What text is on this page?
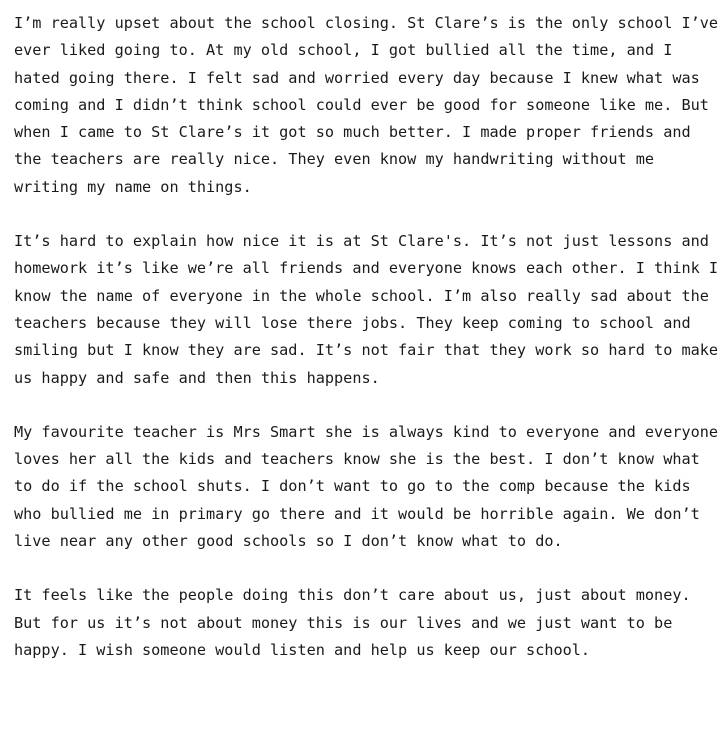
I’m really upset about the school closing. St Clare’s is the only school I’ve ever liked going to. At my old school, I got bullied all the time, and I hated going there. I felt sad and worried every day because I knew what was coming and I didn’t think school could ever be good for someone like me. But when I came to St Clare’s it got so much better. I made proper friends and the teachers are really nice. They even know my handwriting without me writing my name on things.

It’s hard to explain how nice it is at St Clare's. It’s not just lessons and homework it’s like we’re all friends and everyone knows each other. I think I know the name of everyone in the whole school. I’m also really sad about the teachers because they will lose there jobs. They keep coming to school and smiling but I know they are sad. It’s not fair that they work so hard to make us happy and safe and then this happens.

My favourite teacher is Mrs Smart she is always kind to everyone and everyone loves her all the kids and teachers know she is the best. I don’t know what to do if the school shuts. I don’t want to go to the comp because the kids who bullied me in primary go there and it would be horrible again. We don’t live near any other good schools so I don’t know what to do.

It feels like the people doing this don’t care about us, just about money. But for us it’s not about money this is our lives and we just want to be happy. I wish someone would listen and help us keep our school.
